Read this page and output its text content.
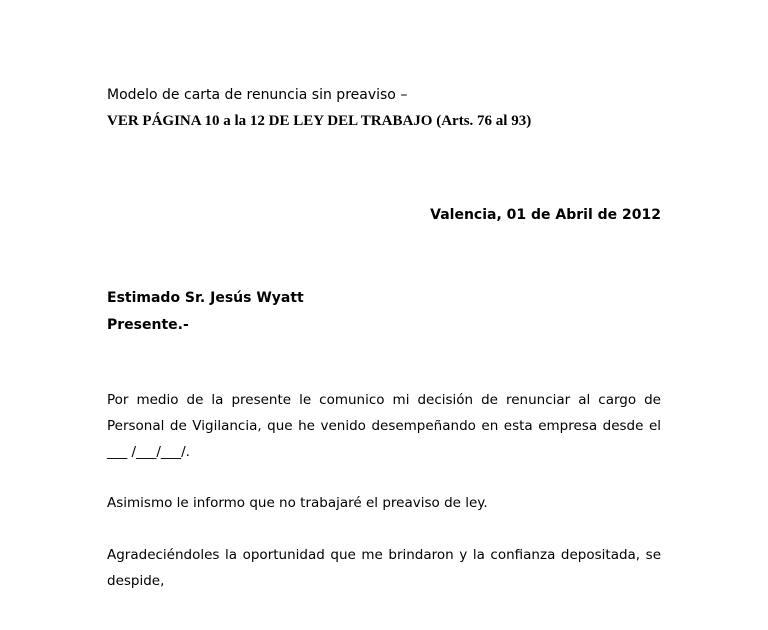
Modelo de carta de renuncia sin preaviso –
VER PÁGINA 10 a la 12 DE LEY DEL TRABAJO (Arts. 76 al 93)
Valencia, 01 de Abril de 2012
Estimado Sr. Jesús Wyatt
Presente.-
Por medio de la presente le comunico mi decisión de renunciar al cargo de
Personal de Vigilancia, que he venido desempeñando en esta empresa desde el
___ /___/___/.
Asimismo le informo que no trabajaré el preaviso de ley.
Agradeciéndoles la oportunidad que me brindaron y la confianza depositada, se
despide,
